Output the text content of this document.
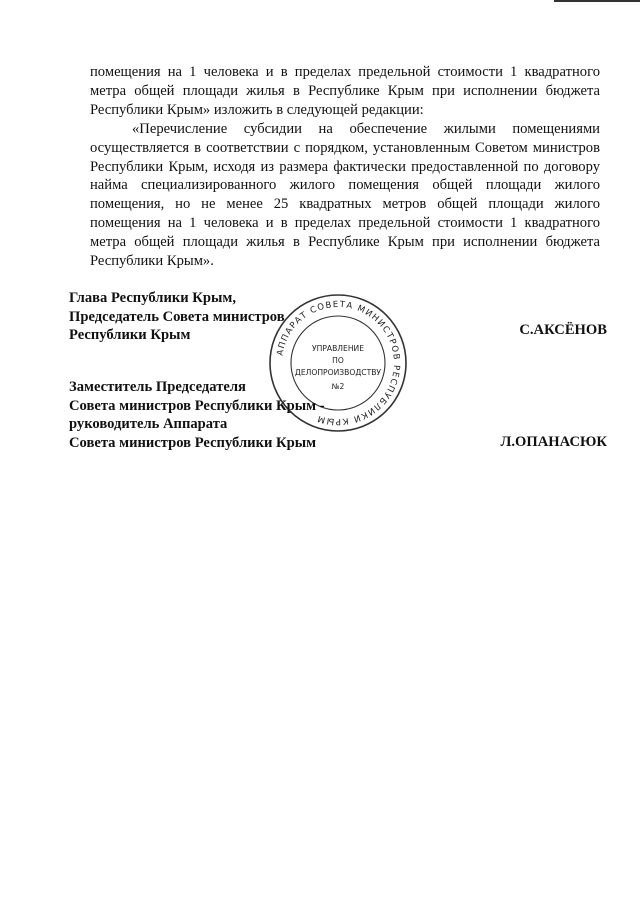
помещения на 1 человека и в пределах предельной стоимости 1 квадратного метра общей площади жилья в Республике Крым при исполнении бюджета Республики Крым» изложить в следующей редакции:

«Перечисление субсидии на обеспечение жилыми помещениями осуществляется в соответствии с порядком, установленным Советом министров Республики Крым, исходя из размера фактически предоставленной по договору найма специализированного жилого помещения общей площади жилого помещения, но не менее 25 квадратных метров общей площади жилого помещения на 1 человека и в пределах предельной стоимости 1 квадратного метра общей площади жилья в Республике Крым при исполнении бюджета Республики Крым».

Глава Республики Крым,
Председатель Совета министров
Республики Крым	С.АКСЁНОВ
АППАРАТ СОВЕТА МИНИСТРОВ РЕСПУБЛИКИ КРЫМ
УПРАВЛЕНИЕ
ПО
ДЕЛОПРОИЗВОДСТВУ
№2
Заместитель Председателя
Совета министров Республики Крым -
руководитель Аппарата
Совета министров Республики Крым	Л.ОПАНАСЮК
